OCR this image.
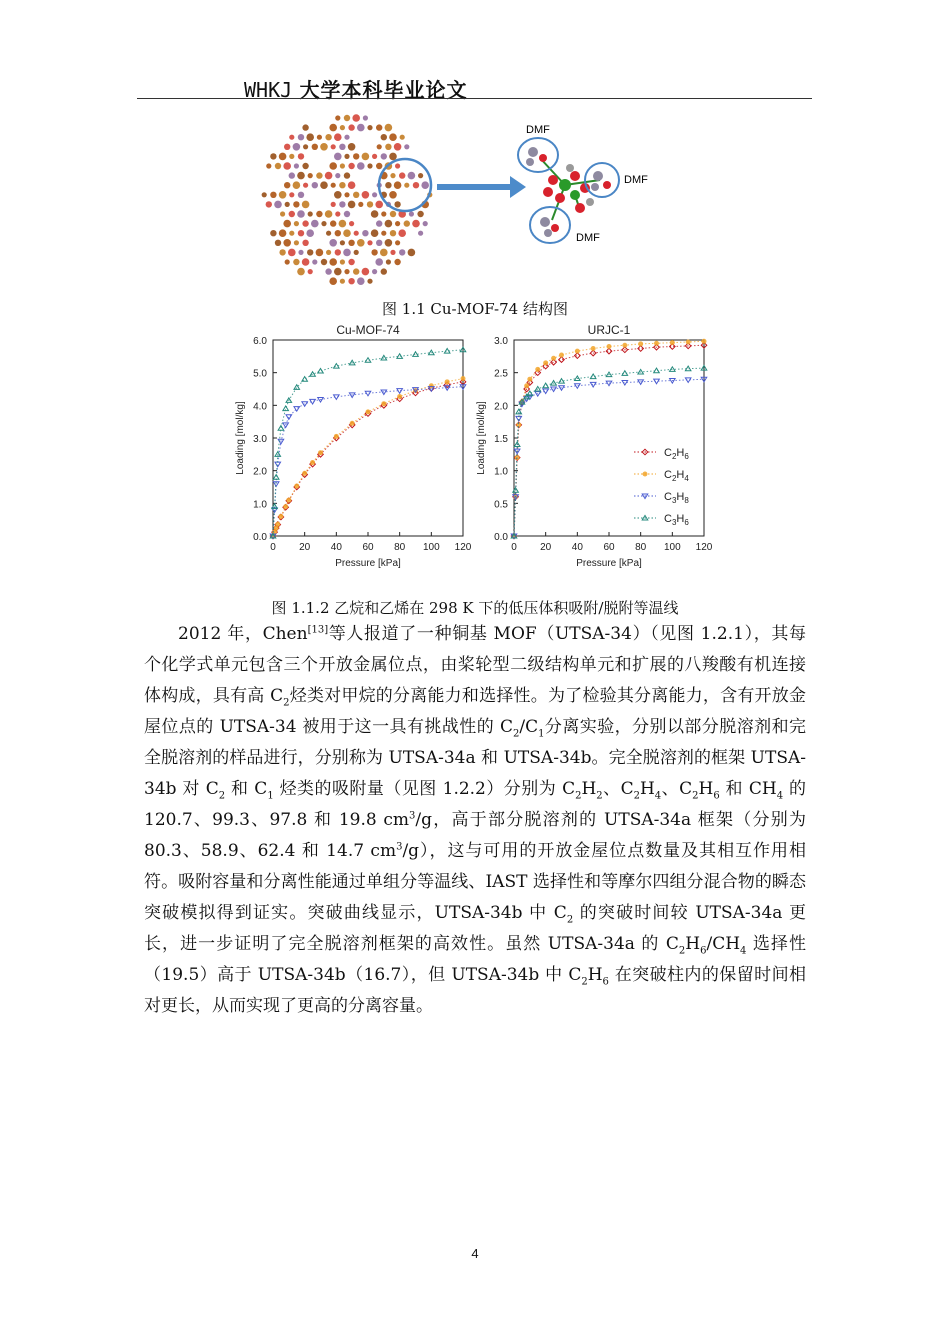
WHKJ 大学本科毕业论文
DMF
DMF
DMF
图 1.1 Cu-MOF-74 结构图
Cu-MOF-74
Pressure [kPa]
Loading [mol/kg]
0 20 40 60 80 100 120
0.0
1.0
2.0
3.0
4.0
5.0
6.0
URJC-1
Pressure [kPa]
Loading [mol/kg]
0 20 40 60 80 100 120
0.0
0.5
1.0
1.5
2.0
2.5
3.0
$C_2H_6$
$C_2H_4$
$C_3H_8$
$C_3H_6$
图 1.1.2 乙烷和乙烯在 298 K 下的低压体积吸附/脱附等温线

2012 年，Chen[13]等人报道了一种铜基 MOF（UTSA-34）（见图 1.2.1），其每个化学式单元包含三个开放金属位点，由桨轮型二级结构单元和扩展的八羧酸有机连接体构成，具有高 $C_2$烃类对甲烷的分离能力和选择性。为了检验其分离能力，含有开放金屋位点的 UTSA-34 被用于这一具有挑战性的 $C_2/C_1$分离实验，分别以部分脱溶剂和完全脱溶剂的样品进行，分别称为 UTSA-34a 和 UTSA-34b。完全脱溶剂的框架 UTSA-34b 对 $C_2$ 和 $C_1$ 烃类的吸附量（见图 1.2.2）分别为 $C_2H_2$、$C_2H_4$、$C_2H_6$ 和 $CH_4$ 的 120.7、99.3、97.8 和 19.8 $cm^3/g$，高于部分脱溶剂的 UTSA-34a 框架（分别为 80.3、58.9、62.4 和 14.7 $cm^3/g$），这与可用的开放金屋位点数量及其相互作用相符。吸附容量和分离性能通过单组分等温线、IAST 选择性和等摩尔四组分混合物的瞬态突破模拟得到证实。突破曲线显示，UTSA-34b 中 $C_2$ 的突破时间较 UTSA-34a 更长，进一步证明了完全脱溶剂框架的高效性。虽然 UTSA-34a 的 $C_2H_6/CH_4$ 选择性（19.5）高于 UTSA-34b（16.7），但 UTSA-34b 中 $C_2H_6$ 在突破柱内的保留时间相对更长，从而实现了更高的分离容量。

4
